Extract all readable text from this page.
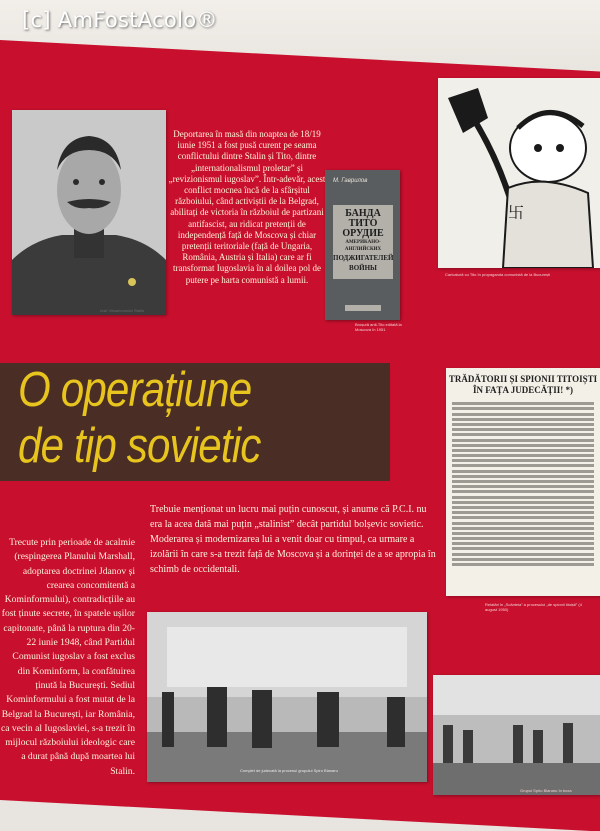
Iosif Vissarionovici Stalin
Deportarea în masă din noaptea de 18/19 iunie 1951 a fost pusă curent pe seama conflictului dintre Stalin și Tito, dintre „internationalismul proletar” și „revizionismul iugoslav”. Într-adevăr, acest conflict mocnea încă de la sfârșitul războiului, când activiștii de la Belgrad, abilitați de victoria în războiul de partizani antifascist, au ridicat pretenții de independență față de Moscova și chiar pretenții teritoriale (față de Ungaria, România, Austria și Italia) care ar fi transformat Iugoslavia în al doilea pol de putere pe harta comunistă a lumii.
М. Гаврилов
БАНДА ТИТО
ОРУДИЕ
АМЕРИКАНО-АНГЛИЙСКИХ
ПОДЖИГАТЕЛЕЙ
ВОЙНЫ
Broșură anti-Tito editată la Moscova în 1951
卐
Caricatură cu Tito în propaganda comunistă de la București
O operațiune
de tip sovietic
TRĂDĂTORII ȘI SPIONII TITOIȘTI ÎN FAȚA JUDECĂȚII! *)
Relatări în „Scânteia” a procesului „de spionii titoiști” (4 august 1950)
Trebuie menționat un lucru mai puțin cunoscut, și anume că P.C.I. nu era la acea dată mai puțin „stalinist” decât partidul bolșevic sovietic. Moderarea și modernizarea lui a venit doar cu timpul, ca urmare a izolării în care s-a trezit față de Moscova și a dorinței de a se apropia în schimb de occidentali.
Trecute prin perioade de acalmie (respingerea Planului Marshall, adoptarea doctrinei Jdanov și crearea concomitentă a Kominformului), contradicțiile au fost ținute secrete, în spatele ușilor capitonate, până la ruptura din 20-22 iunie 1948, când Partidul Comunist iugoslav a fost exclus din Kominform, la confătuirea ținută la București. Sediul Kominformului a fost mutat de la Belgrad la București, iar România, ca vecin al Iugoslaviei, s-a trezit în mijlocul războiului ideologic care a durat până după moartea lui Stalin.	Complet de judecată la procesul grupului Spiru Blanaru
Grupul Spiru Blanaru în boxa
[c] AmFostAcolo®
